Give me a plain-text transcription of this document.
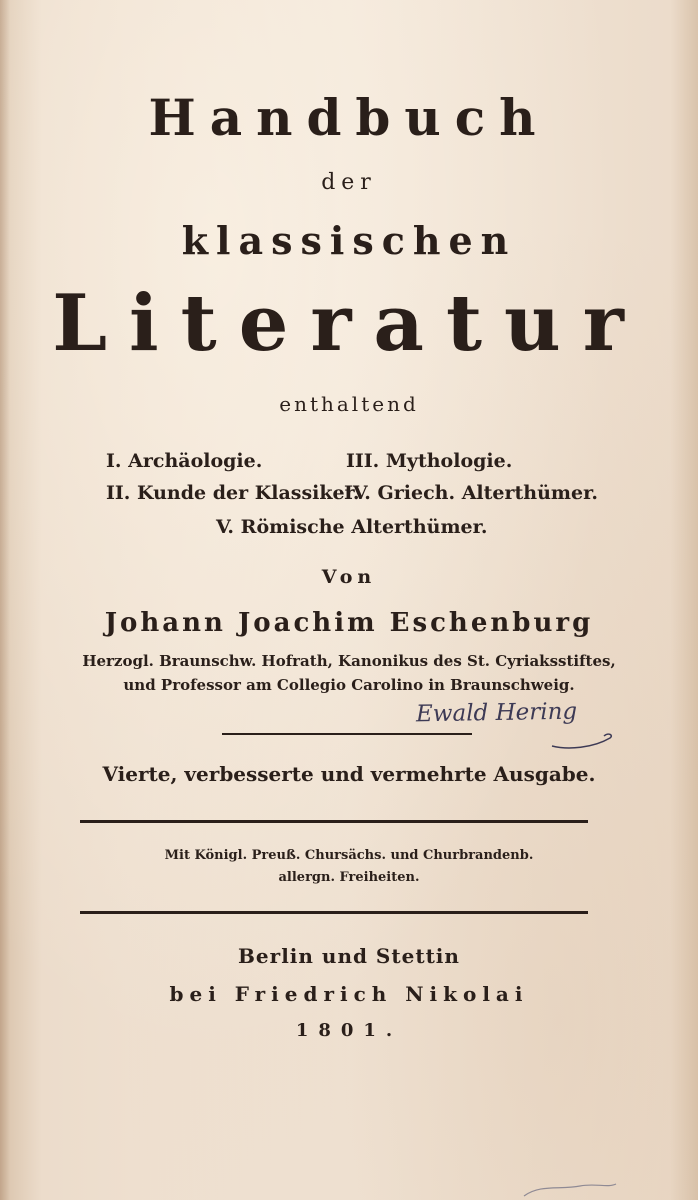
Handbuch
der
klassischen
Literatur
enthaltend
I. Archäologie.	III. Mythologie.
II. Kunde der Klassiker.
IV. Griech. Alterthümer.
V. Römische Alterthümer.
Von
Johann Joachim Eschenburg
Herzogl. Braunschw. Hofrath, Kanonikus des St. Cyriaksstiftes,
und Professor am Collegio Carolino in Braunschweig.
Ewald Hering
Vierte, verbesserte und vermehrte Ausgabe.
Mit Königl. Preuß. Chursächs. und Churbrandenb.
allergn. Freiheiten.
Berlin und Stettin
bei Friedrich Nikolai
1801.
